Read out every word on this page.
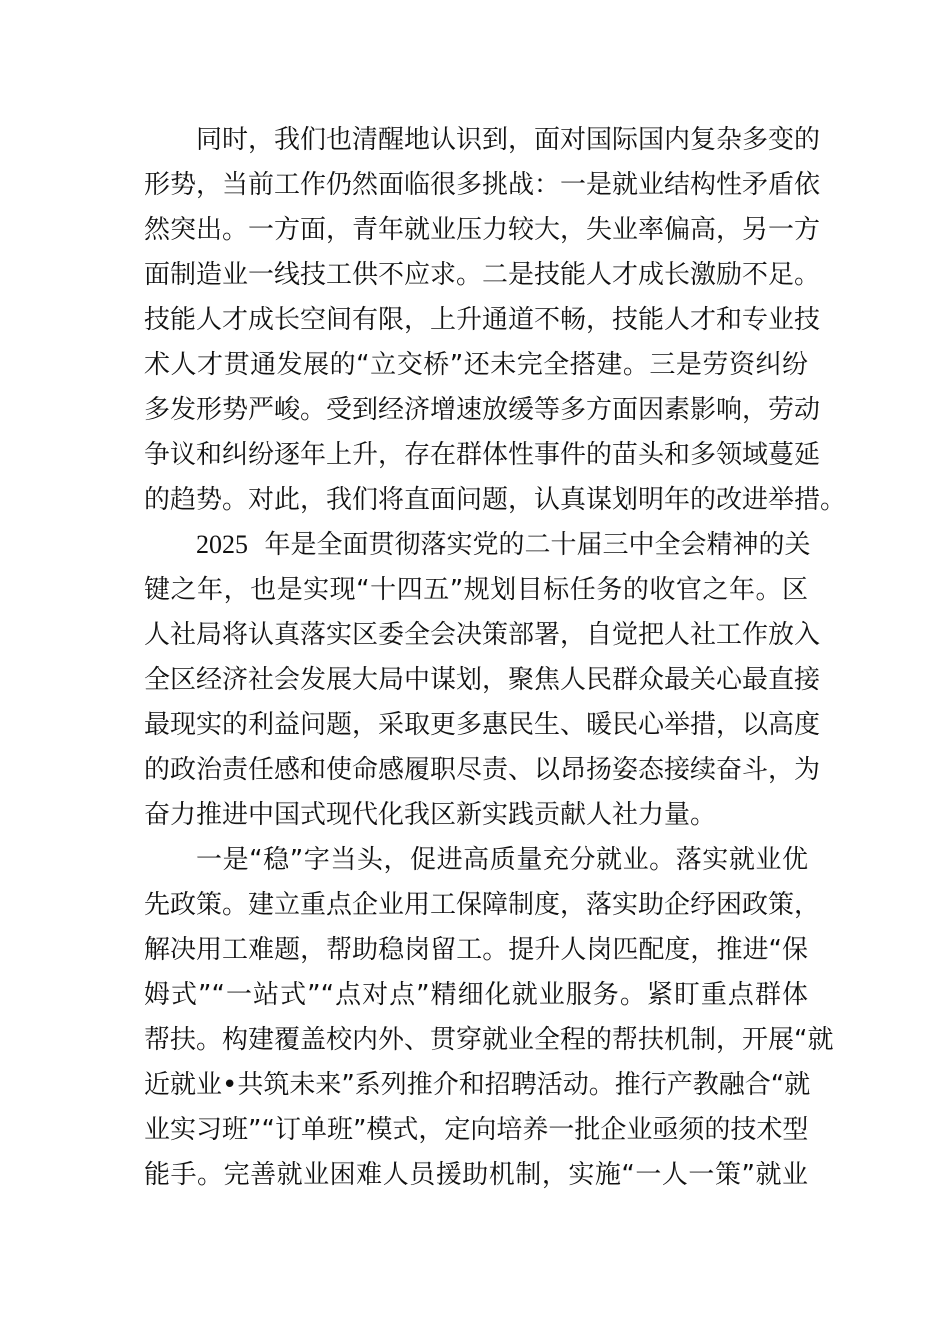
同时，我们也清醒地认识到，面对国际国内复杂多变的
形势，当前工作仍然面临很多挑战：一是就业结构性矛盾依
然突出。一方面，青年就业压力较大，失业率偏高，另一方
面制造业一线技工供不应求。二是技能人才成长激励不足。
技能人才成长空间有限，上升通道不畅，技能人才和专业技
术人才贯通发展的“立交桥”还未完全搭建。三是劳资纠纷
多发形势严峻。受到经济增速放缓等多方面因素影响，劳动
争议和纠纷逐年上升，存在群体性事件的苗头和多领域蔓延
的趋势。对此，我们将直面问题，认真谋划明年的改进举措。
2025 年是全面贯彻落实党的二十届三中全会精神的关
键之年，也是实现“十四五”规划目标任务的收官之年。区
人社局将认真落实区委全会决策部署，自觉把人社工作放入
全区经济社会发展大局中谋划，聚焦人民群众最关心最直接
最现实的利益问题，采取更多惠民生、暖民心举措，以高度
的政治责任感和使命感履职尽责、以昂扬姿态接续奋斗，为
奋力推进中国式现代化我区新实践贡献人社力量。
一是“稳”字当头，促进高质量充分就业。落实就业优
先政策。建立重点企业用工保障制度，落实助企纾困政策，
解决用工难题，帮助稳岗留工。提升人岗匹配度，推进“保
姆式”“一站式”“点对点”精细化就业服务。紧盯重点群体
帮扶。构建覆盖校内外、贯穿就业全程的帮扶机制，开展“就
近就业•共筑未来”系列推介和招聘活动。推行产教融合“就
业实习班”“订单班”模式，定向培养一批企业亟须的技术型
能手。完善就业困难人员援助机制，实施“一人一策”就业
